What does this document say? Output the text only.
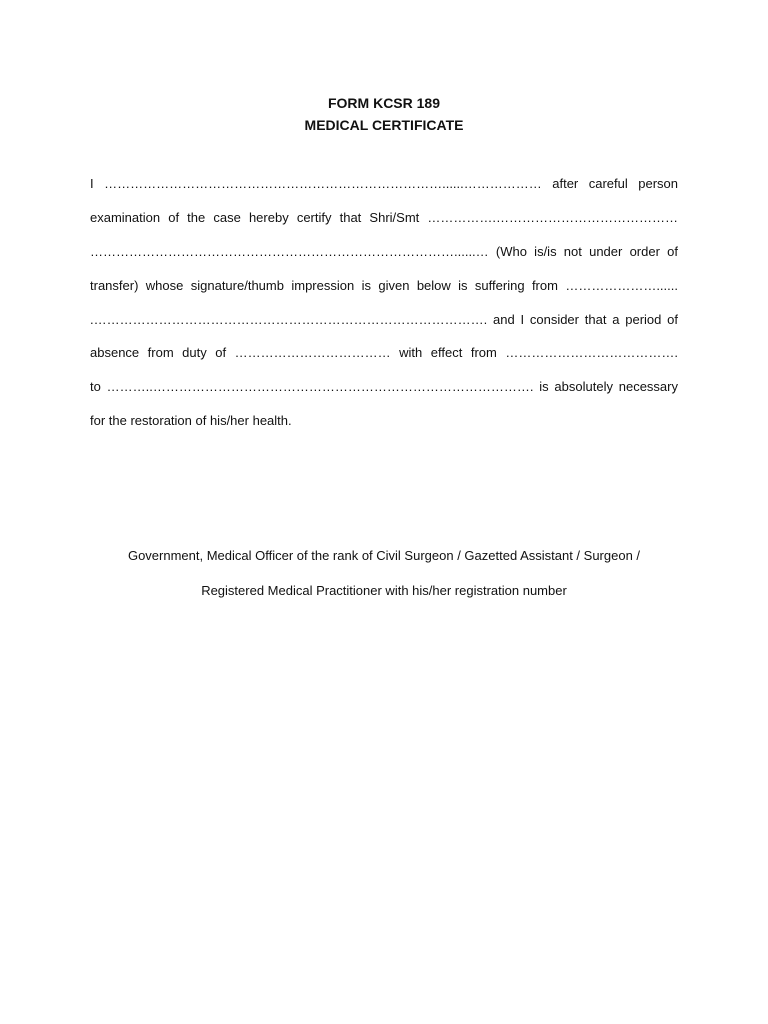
FORM KCSR 189
MEDICAL CERTIFICATE
I ……………………………………………………………………......……………… after careful person
examination of the case hereby certify that Shri/Smt …………….……………………………………
…………………………………………………………………………......… (Who is/is not under order of
transfer) whose signature/thumb impression is given below is suffering from …………………......
.………………………………………………………………………………. and I consider that a period of
absence from duty of ……………………………… with effect from ………………………………….
to ………..……………………………………………………………………………. is absolutely necessary
for the restoration of his/her health.
Government, Medical Officer of the rank of Civil Surgeon / Gazetted Assistant / Surgeon /
Registered Medical Practitioner with his/her registration number
